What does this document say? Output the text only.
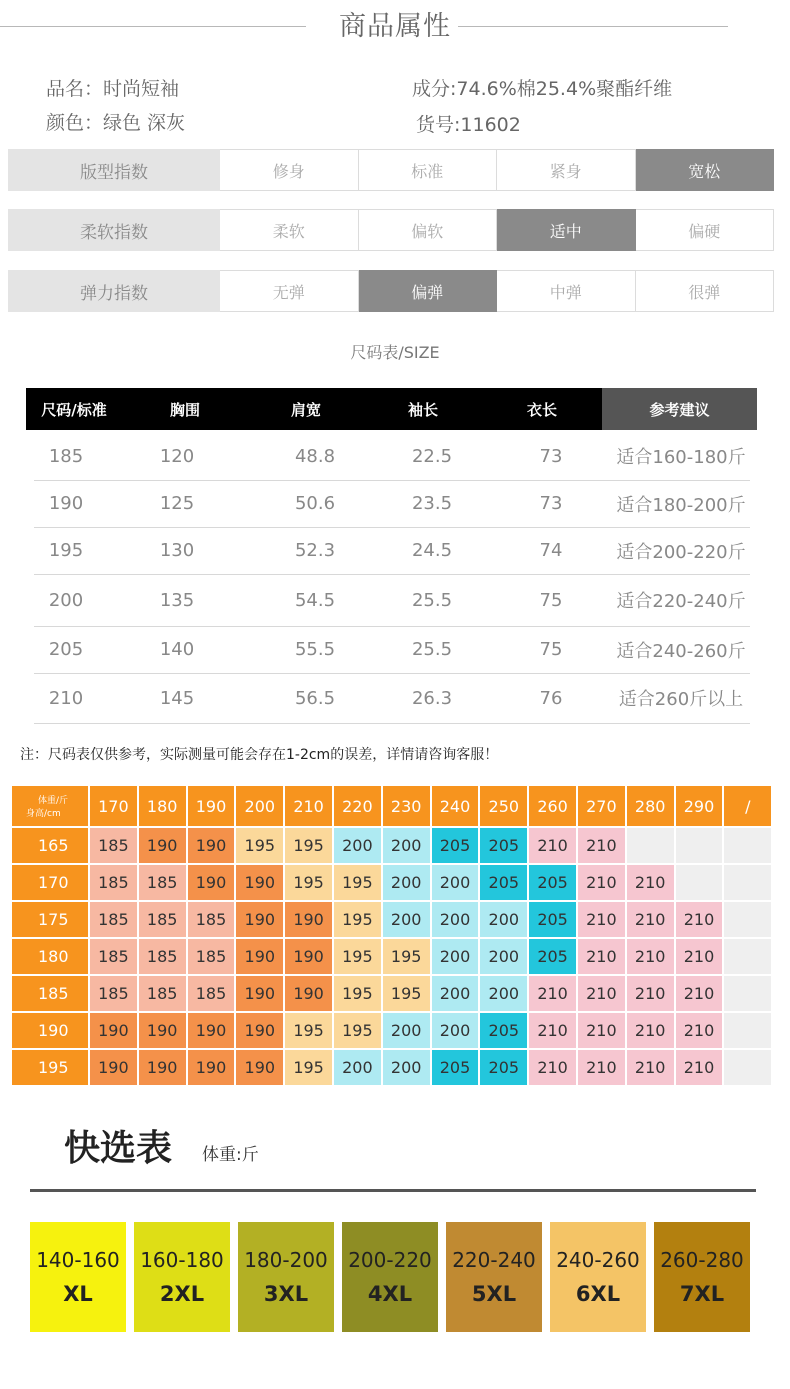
商品属性
品名：时尚短袖
颜色：绿色 深灰
成分:74.6%棉25.4%聚酯纤维
货号:11602
版型指数	修身	标准	紧身	宽松
柔软指数	柔软	偏软	适中	偏硬
弹力指数	无弹	偏弹	中弹	很弹
尺码表/SIZE
尺码/标准	胸围	肩宽	袖长	衣长	参考建议
185	120	48.8	22.5	73	适合160-180斤
190	125	50.6	23.5	73	适合180-200斤
195	130	52.3	24.5	74	适合200-220斤
200	135	54.5	25.5	75	适合220-240斤
205	140	55.5	25.5	75	适合240-260斤
210	145	56.5	26.3	76	适合260斤以上
注：尺码表仅供参考，实际测量可能会存在1-2cm的误差，详情请咨询客服！
体重/斤
身高/cm	170	180	190	200	210	220	230	240	250	260	270	280	290	/
165	185	190	190	195	195	200	200	205	205	210	210
170	185	185	190	190	195	195	200	200	205	205	210	210
175	185	185	185	190	190	195	200	200	200	205	210	210	210
180	185	185	185	190	190	195	195	200	200	205	210	210	210
185	185	185	185	190	190	195	195	200	200	210	210	210	210
190	190	190	190	190	195	195	200	200	205	210	210	210	210
195	190	190	190	190	195	200	200	205	205	210	210	210	210
快选表 体重:斤
140-160
XL
160-180
2XL
180-200
3XL
200-220
4XL
220-240
5XL
240-260
6XL
260-280
7XL
